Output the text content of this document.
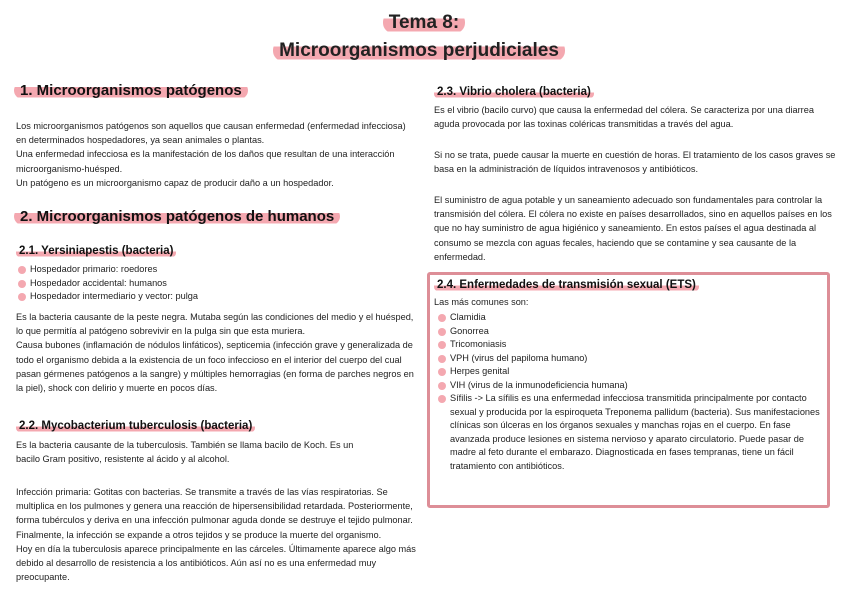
Tema 8:
Microorganismos perjudiciales
1. Microorganismos patógenos

Los microorganismos patógenos son aquellos que causan enfermedad (enfermedad infecciosa) en determinados hospedadores, ya sean animales o plantas.
Una enfermedad infecciosa es la manifestación de los daños que resultan de una interacción microorganismo-huésped.
Un patógeno es un microorganismo capaz de producir daño a un hospedador.

2. Microorganismos patógenos de humanos
2.1. Yersiniapestis (bacteria)
Hospedador primario: roedores
Hospedador accidental: humanos
Hospedador intermediario y vector: pulga

Es la bacteria causante de la peste negra. Mutaba según las condiciones del medio y el huésped, lo que permitía al patógeno sobrevivir en la pulga sin que esta muriera.
Causa bubones (inflamación de nódulos linfáticos), septicemia (infección grave y generalizada de todo el organismo debida a la existencia de un foco infeccioso en el interior del cuerpo del cual pasan gérmenes patógenos a la sangre) y múltiples hemorragias (en forma de parches negros en la piel), shock con delirio y muerte en pocos días.

2.2. Mycobacterium tuberculosis (bacteria)

Es la bacteria causante de la tuberculosis. También se llama bacilo de Koch. Es un bacilo Gram positivo, resistente al ácido y al alcohol.

Infección primaria: Gotitas con bacterias. Se transmite a través de las vías respiratorias. Se multiplica en los pulmones y genera una reacción de hipersensibilidad retardada. Posteriormente, forma tubérculos y deriva en una infección pulmonar aguda donde se destruye el tejido pulmonar. Finalmente, la infección se expande a otros tejidos y se produce la muerte del organismo.
Hoy en día la tuberculosis aparece principalmente en las cárceles. Últimamente aparece algo más debido al desarrollo de resistencia a los antibióticos. Aún así no es una enfermedad muy preocupante.

2.3. Vibrio cholera (bacteria)

Es el vibrio (bacilo curvo) que causa la enfermedad del cólera. Se caracteriza por una diarrea aguda provocada por las toxinas coléricas transmitidas a través del agua.

Si no se trata, puede causar la muerte en cuestión de horas. El tratamiento de los casos graves se basa en la administración de líquidos intravenosos y antibióticos.

El suministro de agua potable y un saneamiento adecuado son fundamentales para controlar la transmisión del cólera. El cólera no existe en países desarrollados, sino en aquellos países en los que no hay suministro de agua higiénico y saneamiento. En estos países el agua destinada al consumo se mezcla con aguas fecales, haciendo que se contamine y sea causante de la enfermedad.

2.4. Enfermedades de transmisión sexual (ETS)

Las más comunes son:

Clamidia
Gonorrea
Tricomoniasis
VPH (virus del papiloma humano)
Herpes genital
VIH (virus de la inmunodeficiencia humana)
Sífilis -> La sífilis es una enfermedad infecciosa transmitida principalmente por contacto sexual y producida por la espiroqueta Treponema pallidum (bacteria). Sus manifestaciones clínicas son úlceras en los órganos sexuales y manchas rojas en el cuerpo. En fase avanzada produce lesiones en sistema nervioso y aparato circulatorio. Puede pasar de madre al feto durante el embarazo. Diagnosticada en fases tempranas, tiene un fácil tratamiento con antibióticos.
